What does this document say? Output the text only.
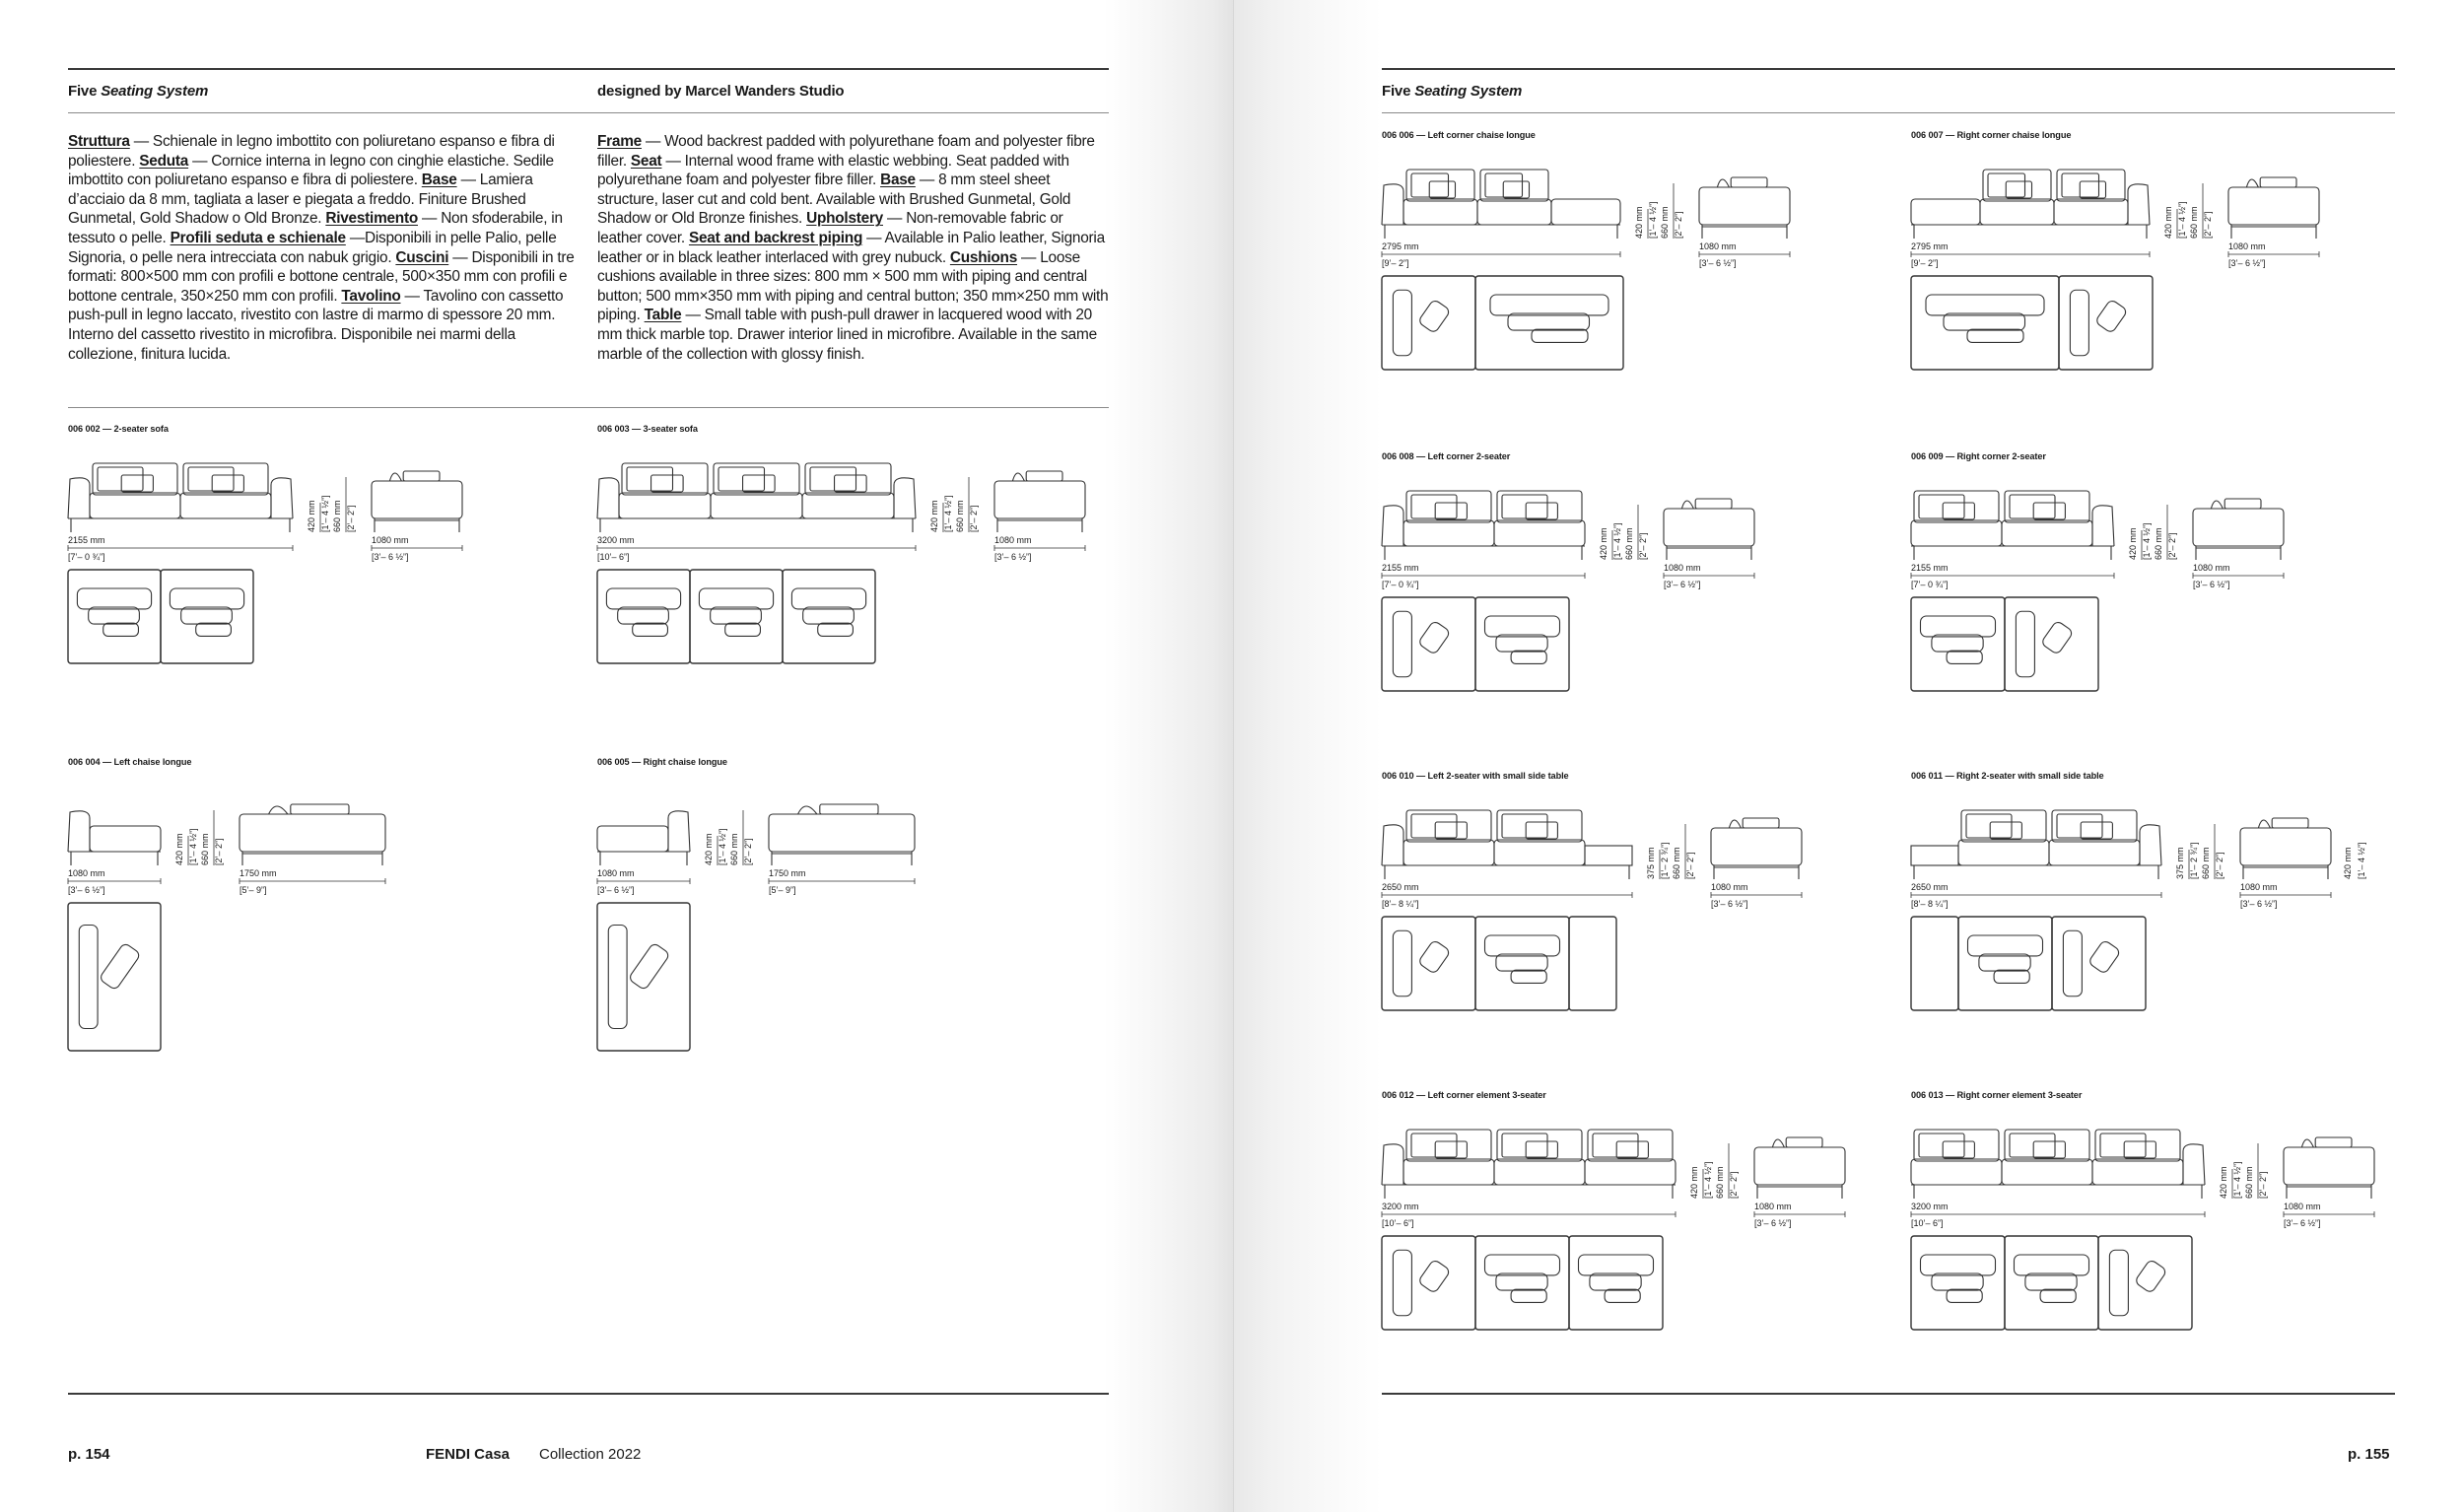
Five Seating System	designed by Marcel Wanders Studio
Struttura — Schienale in legno imbottito con poliuretano espanso e fibra di poliestere. Seduta — Cornice interna in legno con cinghie elastiche. Sedile imbottito con poliuretano espanso e fibra di poliestere. Base — Lamiera d’acciaio da 8 mm, tagliata a laser e piegata a freddo. Finiture Brushed Gunmetal, Gold Shadow o Old Bronze. Rivestimento — Non sfoderabile, in tessuto o pelle. Profili seduta e schienale —Disponibili in pelle Palio, pelle Signoria, o pelle nera intrecciata con nabuk grigio. Cuscini — Disponibili in tre formati: 800×500 mm con profili e bottone centrale, 500×350 mm con profili e bottone centrale, 350×250 mm con profili. Tavolino — Tavolino con cassetto push-pull in legno laccato, rivestito con lastre di marmo di spessore 20 mm. Interno del cassetto rivestito in microfibra. Disponibile nei marmi della collezione, finitura lucida.
Frame — Wood backrest padded with polyurethane foam and polyester fibre filler. Seat — Internal wood frame with elastic webbing. Seat padded with polyurethane foam and polyester fibre filler. Base — 8 mm steel sheet structure, laser cut and cold bent. Available with Brushed Gunmetal, Gold Shadow or Old Bronze finishes. Upholstery — Non-removable fabric or leather cover. Seat and backrest piping — Available in Palio leather, Signoria leather or in black leather interlaced with grey nubuck. Cushions — Loose cushions available in three sizes: 800 mm × 500 mm with piping and central button; 500 mm×350 mm with piping and central button; 350 mm×250 mm with piping. Table — Small table with push-pull drawer in lacquered wood with 20 mm thick marble top. Drawer interior lined in microfibre. Available in the same marble of the collection with glossy finish.
006 002 — 2-seater sofa
2155 mm
[7’– 0 ¾”]
420 mm [1’– 4 ½”] 660 mm [2’– 2”]
1080 mm
[3’– 6 ½”]
006 003 — 3-seater sofa
3200 mm
[10’– 6”]
420 mm [1’– 4 ½”] 660 mm [2’– 2”]
1080 mm
[3’– 6 ½”]
006 004 — Left chaise longue
1080 mm
[3’– 6 ½”]
420 mm [1’– 4 ½”] 660 mm [2’– 2”]
1750 mm
[5’– 9”]
006 005 — Right chaise longue
1080 mm
[3’– 6 ½”]
420 mm [1’– 4 ½”] 660 mm [2’– 2”]
1750 mm
[5’– 9”]
p. 154	FENDI Casa Collection 2022
Five Seating System
006 006 — Left corner chaise longue
2795 mm
[9’– 2”]
420 mm [1’– 4 ½”] 660 mm [2’– 2”]
1080 mm
[3’– 6 ½”]
006 007 — Right corner chaise longue
2795 mm
[9’– 2”]
420 mm [1’– 4 ½”] 660 mm [2’– 2”]
1080 mm
[3’– 6 ½”]
006 008 — Left corner 2-seater
2155 mm
[7’– 0 ¾”]
420 mm [1’– 4 ½”] 660 mm [2’– 2”]
1080 mm
[3’– 6 ½”]
006 009 — Right corner 2-seater
2155 mm
[7’– 0 ¾”]
420 mm [1’– 4 ½”] 660 mm [2’– 2”]
1080 mm
[3’– 6 ½”]
006 010 — Left 2-seater with small side table
2650 mm
[8’– 8 ¼”]
375 mm [1’– 2 ¾”] 660 mm [2’– 2”]
1080 mm
[3’– 6 ½”]
006 011 — Right 2-seater with small side table
2650 mm
[8’– 8 ¼”]
375 mm [1’– 2 ¾”] 660 mm [2’– 2”]
1080 mm
[3’– 6 ½”]
420 mm [1’– 4 ½”]
006 012 — Left corner element 3-seater
3200 mm
[10’– 6”]
420 mm [1’– 4 ½”] 660 mm [2’– 2”]
1080 mm
[3’– 6 ½”]
006 013 — Right corner element 3-seater
3200 mm
[10’– 6”]
420 mm [1’– 4 ½”] 660 mm [2’– 2”]
1080 mm
[3’– 6 ½”]
p. 155
